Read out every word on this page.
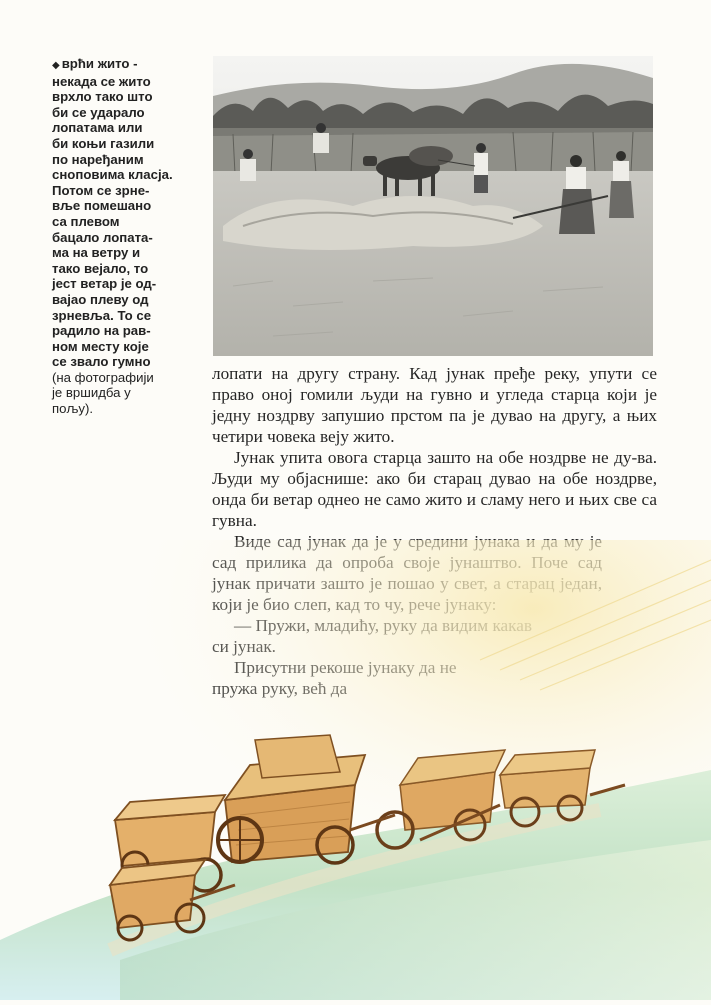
◆ врћи жито -
некада се жито
врхло тако што
би се ударало
лопатама или
би коњи газили
по нарeђаним
сноповима класја.
Потом се зрне-
вље помешано
са плевом
бацало лопата-
ма на ветру и
тако вејало, то
јест ветар је од-
вајао плеву од
зрневља. То се
радило на рав-
ном месту које
се звало гумно
(на фотографији
је вршидба у
пољу).

лопати на другу страну. Кад јунак пређе реку, упути се право оној гомили људи на гувно и угледа старца који је једну ноздрву запушио прстом па је дувао на другу, а њих четири човека веју жито.

Јунак упита овога старца зашто на обе ноздрве не ду-ва. Људи му објаснише: ако би старац дувао на обе ноздрве, онда би ветар однео не само жито и сламу него и њих све са гувна.
